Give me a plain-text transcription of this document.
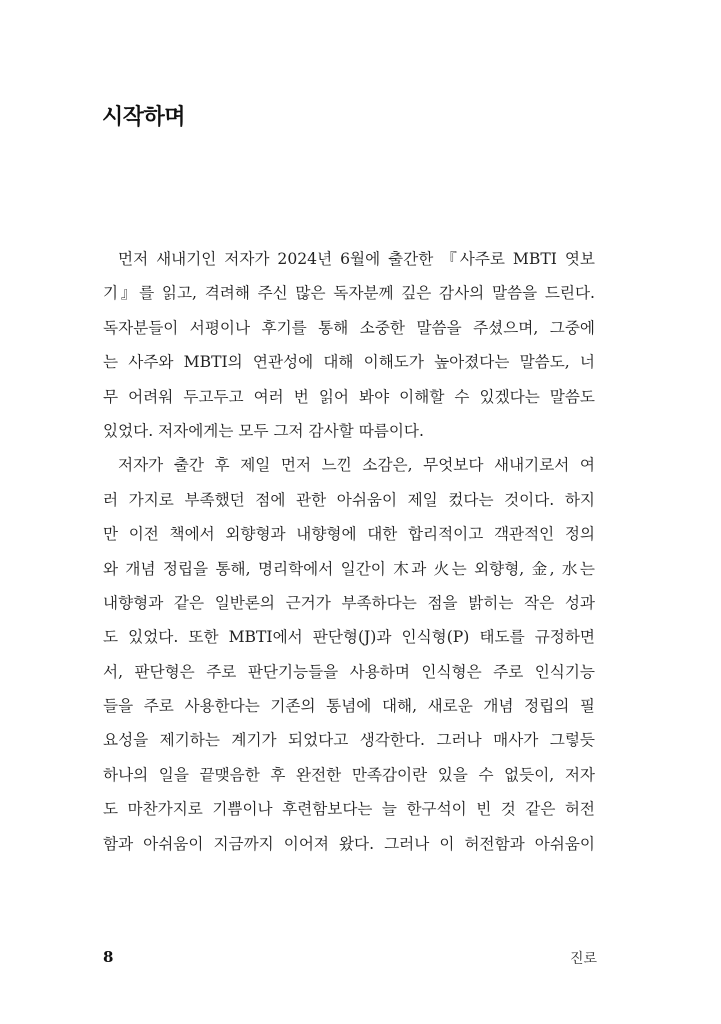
시작하며
먼저 새내기인 저자가 2024년 6월에 출간한 『사주로 MBTI 엿보
기』를 읽고, 격려해 주신 많은 독자분께 깊은 감사의 말씀을 드린다.
독자분들이 서평이나 후기를 통해 소중한 말씀을 주셨으며, 그중에
는 사주와 MBTI의 연관성에 대해 이해도가 높아졌다는 말씀도, 너
무 어려워 두고두고 여러 번 읽어 봐야 이해할 수 있겠다는 말씀도
있었다. 저자에게는 모두 그저 감사할 따름이다.
저자가 출간 후 제일 먼저 느낀 소감은, 무엇보다 새내기로서 여
러 가지로 부족했던 점에 관한 아쉬움이 제일 컸다는 것이다. 하지
만 이전 책에서 외향형과 내향형에 대한 합리적이고 객관적인 정의
와 개념 정립을 통해, 명리학에서 일간이 木과 火는 외향형, 金, 水는
내향형과 같은 일반론의 근거가 부족하다는 점을 밝히는 작은 성과
도 있었다. 또한 MBTI에서 판단형(J)과 인식형(P) 태도를 규정하면
서, 판단형은 주로 판단기능들을 사용하며 인식형은 주로 인식기능
들을 주로 사용한다는 기존의 통념에 대해, 새로운 개념 정립의 필
요성을 제기하는 계기가 되었다고 생각한다. 그러나 매사가 그렇듯
하나의 일을 끝맺음한 후 완전한 만족감이란 있을 수 없듯이, 저자
도 마찬가지로 기쁨이나 후련함보다는 늘 한구석이 빈 것 같은 허전
함과 아쉬움이 지금까지 이어져 왔다. 그러나 이 허전함과 아쉬움이
8	진로
